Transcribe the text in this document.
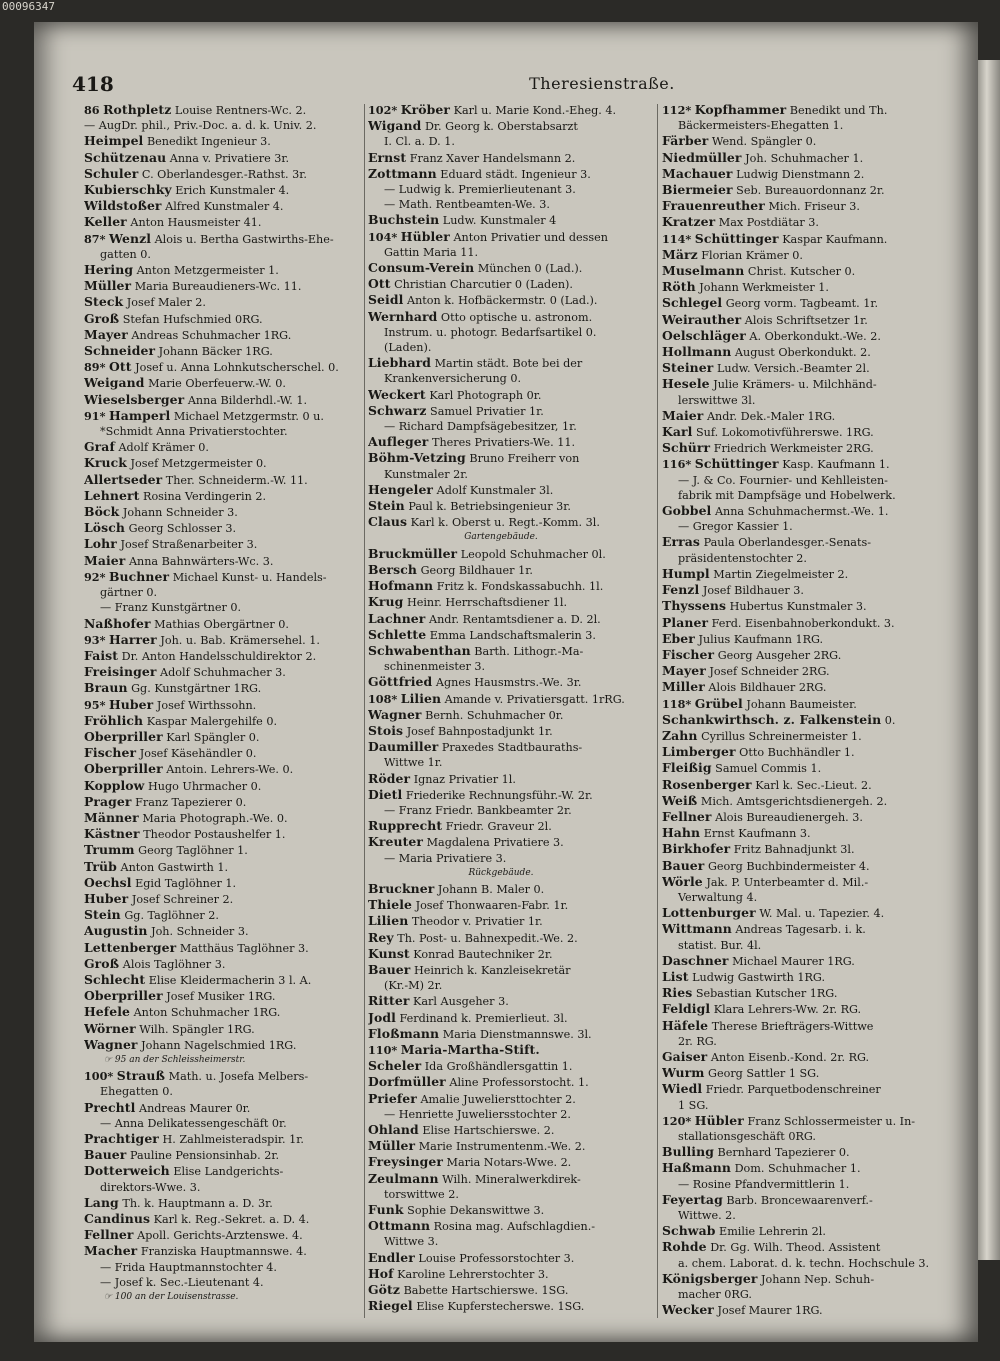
00096347
418	Theresienstraße.
86 Rothpletz Louise Rentners-Wc. 2.
— AugDr. phil., Priv.-Doc. a. d. k. Univ. 2.
Heimpel Benedikt Ingenieur 3.
Schützenau Anna v. Privatiere 3r.
Schuler C. Oberlandesger.-Rathst. 3r.
Kubierschky Erich Kunstmaler 4.
Wildstoßer Alfred Kunstmaler 4.
Keller Anton Hausmeister 41.
87* Wenzl Alois u. Bertha Gastwirths-Ehe-
gatten 0.
Hering Anton Metzgermeister 1.
Müller Maria Bureaudieners-Wc. 11.
Steck Josef Maler 2.
Groß Stefan Hufschmied 0RG.
Mayer Andreas Schuhmacher 1RG.
Schneider Johann Bäcker 1RG.
89* Ott Josef u. Anna Lohnkutscherschel. 0.
Weigand Marie Oberfeuerw.-W. 0.
Wieselsberger Anna Bilderhdl.-W. 1.
91* Hamperl Michael Metzgermstr. 0 u.
*Schmidt Anna Privatierstochter.
Graf Adolf Krämer 0.
Kruck Josef Metzgermeister 0.
Allertseder Ther. Schneiderm.-W. 11.
Lehnert Rosina Verdingerin 2.
Böck Johann Schneider 3.
Lösch Georg Schlosser 3.
Lohr Josef Straßenarbeiter 3.
Maier Anna Bahnwärters-Wc. 3.
92* Buchner Michael Kunst- u. Handels-
gärtner 0.
— Franz Kunstgärtner 0.
Naßhofer Mathias Obergärtner 0.
93* Harrer Joh. u. Bab. Krämersehel. 1.
Faist Dr. Anton Handelsschuldirektor 2.
Freisinger Adolf Schuhmacher 3.
Braun Gg. Kunstgärtner 1RG.
95* Huber Josef Wirthssohn.
Fröhlich Kaspar Malergehilfe 0.
Oberpriller Karl Spängler 0.
Fischer Josef Käsehändler 0.
Oberpriller Antoin. Lehrers-We. 0.
Kopplow Hugo Uhrmacher 0.
Prager Franz Tapezierer 0.
Männer Maria Photograph.-We. 0.
Kästner Theodor Postaushelfer 1.
Trumm Georg Taglöhner 1.
Trüb Anton Gastwirth 1.
Oechsl Egid Taglöhner 1.
Huber Josef Schreiner 2.
Stein Gg. Taglöhner 2.
Augustin Joh. Schneider 3.
Lettenberger Matthäus Taglöhner 3.
Groß Alois Taglöhner 3.
Schlecht Elise Kleidermacherin 3 l. A.
Oberpriller Josef Musiker 1RG.
Hefele Anton Schuhmacher 1RG.
Wörner Wilh. Spängler 1RG.
Wagner Johann Nagelschmied 1RG.
☞ 95 an der Schleissheimerstr.
100* Strauß Math. u. Josefa Melbers-
Ehegatten 0.
Prechtl Andreas Maurer 0r.
— Anna Delikatessengeschäft 0r.
Prachtiger H. Zahlmeisteradspir. 1r.
Bauer Pauline Pensionsinhab. 2r.
Dotterweich Elise Landgerichts-
direktors-Wwe. 3.
Lang Th. k. Hauptmann a. D. 3r.
Candinus Karl k. Reg.-Sekret. a. D. 4.
Fellner Apoll. Gerichts-Arztenswe. 4.
Macher Franziska Hauptmannswe. 4.
— Frida Hauptmannstochter 4.
— Josef k. Sec.-Lieutenant 4.
☞ 100 an der Louisenstrasse.
102* Kröber Karl u. Marie Kond.-Eheg. 4.
Wigand Dr. Georg k. Oberstabsarzt
I. Cl. a. D. 1.
Ernst Franz Xaver Handelsmann 2.
Zottmann Eduard städt. Ingenieur 3.
— Ludwig k. Premierlieutenant 3.
— Math. Rentbeamten-We. 3.
Buchstein Ludw. Kunstmaler 4
104* Hübler Anton Privatier und dessen
Gattin Maria 11.
Consum-Verein München 0 (Lad.).
Ott Christian Charcutier 0 (Laden).
Seidl Anton k. Hofbäckermstr. 0 (Lad.).
Wernhard Otto optische u. astronom.
Instrum. u. photogr. Bedarfsartikel 0.
(Laden).
Liebhard Martin städt. Bote bei der
Krankenversicherung 0.
Weckert Karl Photograph 0r.
Schwarz Samuel Privatier 1r.
— Richard Dampfsägebesitzer, 1r.
Aufleger Theres Privatiers-We. 11.
Böhm-Vetzing Bruno Freiherr von
Kunstmaler 2r.
Hengeler Adolf Kunstmaler 3l.
Stein Paul k. Betriebsingenieur 3r.
Claus Karl k. Oberst u. Regt.-Komm. 3l.
Gartengebäude.
Bruckmüller Leopold Schuhmacher 0l.
Bersch Georg Bildhauer 1r.
Hofmann Fritz k. Fondskassabuchh. 1l.
Krug Heinr. Herrschaftsdiener 1l.
Lachner Andr. Rentamtsdiener a. D. 2l.
Schlette Emma Landschaftsmalerin 3.
Schwabenthan Barth. Lithogr.-Ma-
schinenmeister 3.
Göttfried Agnes Hausmstrs.-We. 3r.
108* Lilien Amande v. Privatiersgatt. 1rRG.
Wagner Bernh. Schuhmacher 0r.
Stois Josef Bahnpostadjunkt 1r.
Daumiller Praxedes Stadtbauraths-
Wittwe 1r.
Röder Ignaz Privatier 1l.
Dietl Friederike Rechnungsführ.-W. 2r.
— Franz Friedr. Bankbeamter 2r.
Rupprecht Friedr. Graveur 2l.
Kreuter Magdalena Privatiere 3.
— Maria Privatiere 3.
Rückgebäude.
Bruckner Johann B. Maler 0.
Thiele Josef Thonwaaren-Fabr. 1r.
Lilien Theodor v. Privatier 1r.
Rey Th. Post- u. Bahnexpedit.-We. 2.
Kunst Konrad Bautechniker 2r.
Bauer Heinrich k. Kanzleisekretär
(Kr.-M) 2r.
Ritter Karl Ausgeher 3.
Jodl Ferdinand k. Premierlieut. 3l.
Floßmann Maria Dienstmannswe. 3l.
110* Maria-Martha-Stift.
Scheler Ida Großhändlersgattin 1.
Dorfmüller Aline Professorstocht. 1.
Priefer Amalie Juweliersttochter 2.
— Henriette Juweliersstochter 2.
Ohland Elise Hartschierswe. 2.
Müller Marie Instrumentenm.-We. 2.
Freysinger Maria Notars-Wwe. 2.
Zeulmann Wilh. Mineralwerkdirek-
torswittwe 2.
Funk Sophie Dekanswittwe 3.
Ottmann Rosina mag. Aufschlagdien.-
Wittwe 3.
Endler Louise Professorstochter 3.
Hof Karoline Lehrerstochter 3.
Götz Babette Hartschierswe. 1SG.
Riegel Elise Kupferstecherswe. 1SG.
112* Kopfhammer Benedikt und Th.
Bäckermeisters-Ehegatten 1.
Färber Wend. Spängler 0.
Niedmüller Joh. Schuhmacher 1.
Machauer Ludwig Dienstmann 2.
Biermeier Seb. Bureauordonnanz 2r.
Frauenreuther Mich. Friseur 3.
Kratzer Max Postdiätar 3.
114* Schüttinger Kaspar Kaufmann.
März Florian Krämer 0.
Muselmann Christ. Kutscher 0.
Röth Johann Werkmeister 1.
Schlegel Georg vorm. Tagbeamt. 1r.
Weirauther Alois Schriftsetzer 1r.
Oelschläger A. Oberkondukt.-We. 2.
Hollmann August Oberkondukt. 2.
Steiner Ludw. Versich.-Beamter 2l.
Hesele Julie Krämers- u. Milchhänd-
lerswittwe 3l.
Maier Andr. Dek.-Maler 1RG.
Karl Suf. Lokomotivführerswe. 1RG.
Schürr Friedrich Werkmeister 2RG.
116* Schüttinger Kasp. Kaufmann 1.
— J. & Co. Fournier- und Kehlleisten-
fabrik mit Dampfsäge und Hobelwerk.
Gobbel Anna Schuhmachermst.-We. 1.
— Gregor Kassier 1.
Erras Paula Oberlandesger.-Senats-
präsidentenstochter 2.
Humpl Martin Ziegelmeister 2.
Fenzl Josef Bildhauer 3.
Thyssens Hubertus Kunstmaler 3.
Planer Ferd. Eisenbahnoberkondukt. 3.
Eber Julius Kaufmann 1RG.
Fischer Georg Ausgeher 2RG.
Mayer Josef Schneider 2RG.
Miller Alois Bildhauer 2RG.
118* Grübel Johann Baumeister.
Schankwirthsch. z. Falkenstein 0.
Zahn Cyrillus Schreinermeister 1.
Limberger Otto Buchhändler 1.
Fleißig Samuel Commis 1.
Rosenberger Karl k. Sec.-Lieut. 2.
Weiß Mich. Amtsgerichtsdienergeh. 2.
Fellner Alois Bureaudienergeh. 3.
Hahn Ernst Kaufmann 3.
Birkhofer Fritz Bahnadjunkt 3l.
Bauer Georg Buchbindermeister 4.
Wörle Jak. P. Unterbeamter d. Mil.-
Verwaltung 4.
Lottenburger W. Mal. u. Tapezier. 4.
Wittmann Andreas Tagesarb. i. k.
statist. Bur. 4l.
Daschner Michael Maurer 1RG.
List Ludwig Gastwirth 1RG.
Ries Sebastian Kutscher 1RG.
Feldigl Klara Lehrers-Ww. 2r. RG.
Häfele Therese Briefträgers-Wittwe
2r. RG.
Gaiser Anton Eisenb.-Kond. 2r. RG.
Wurm Georg Sattler 1 SG.
Wiedl Friedr. Parquetbodenschreiner
1 SG.
120* Hübler Franz Schlossermeister u. In-
stallationsgeschäft 0RG.
Bulling Bernhard Tapezierer 0.
Haßmann Dom. Schuhmacher 1.
— Rosine Pfandvermittlerin 1.
Feyertag Barb. Broncewaarenverf.-
Wittwe. 2.
Schwab Emilie Lehrerin 2l.
Rohde Dr. Gg. Wilh. Theod. Assistent
a. chem. Laborat. d. k. techn. Hochschule 3.
Königsberger Johann Nep. Schuh-
macher 0RG.
Wecker Josef Maurer 1RG.
